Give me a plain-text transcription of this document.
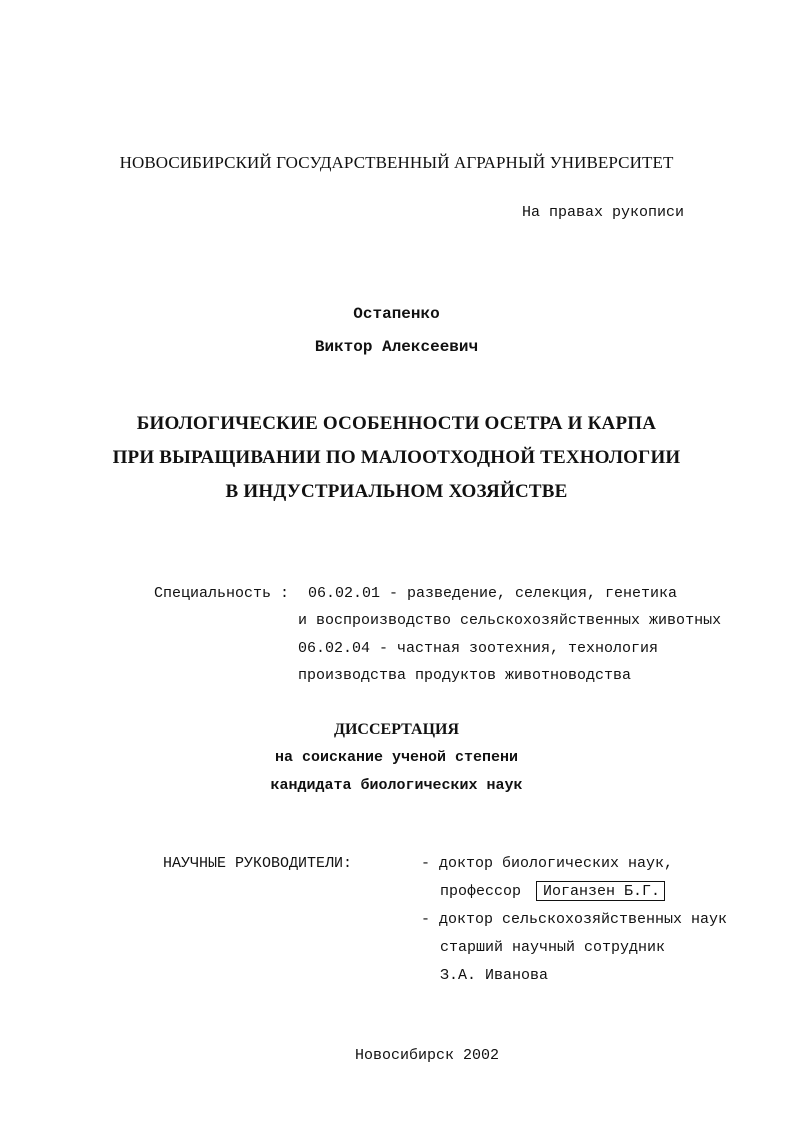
НОВОСИБИРСКИЙ ГОСУДАРСТВЕННЫЙ АГРАРНЫЙ УНИВЕРСИТЕТ
На правах рукописи
Остапенко
Виктор Алексеевич
БИОЛОГИЧЕСКИЕ ОСОБЕННОСТИ ОСЕТРА И КАРПА
ПРИ ВЫРАЩИВАНИИ ПО МАЛООТХОДНОЙ ТЕХНОЛОГИИ
В ИНДУСТРИАЛЬНОМ ХОЗЯЙСТВЕ
Специальность : 06.02.01 - разведение, селекция, генетика
и воспроизводство сельскохозяйственных животных
06.02.04 - частная зоотехния, технология
производства продуктов животноводства
ДИССЕРТАЦИЯ
на соискание ученой степени
кандидата биологических наук
НАУЧНЫЕ РУКОВОДИТЕЛИ:	- доктор биологических наук,
профессор	Иоганзен Б.Г.
- доктор сельскохозяйственных наук
старший научный сотрудник
З.А. Иванова
Новосибирск 2002
